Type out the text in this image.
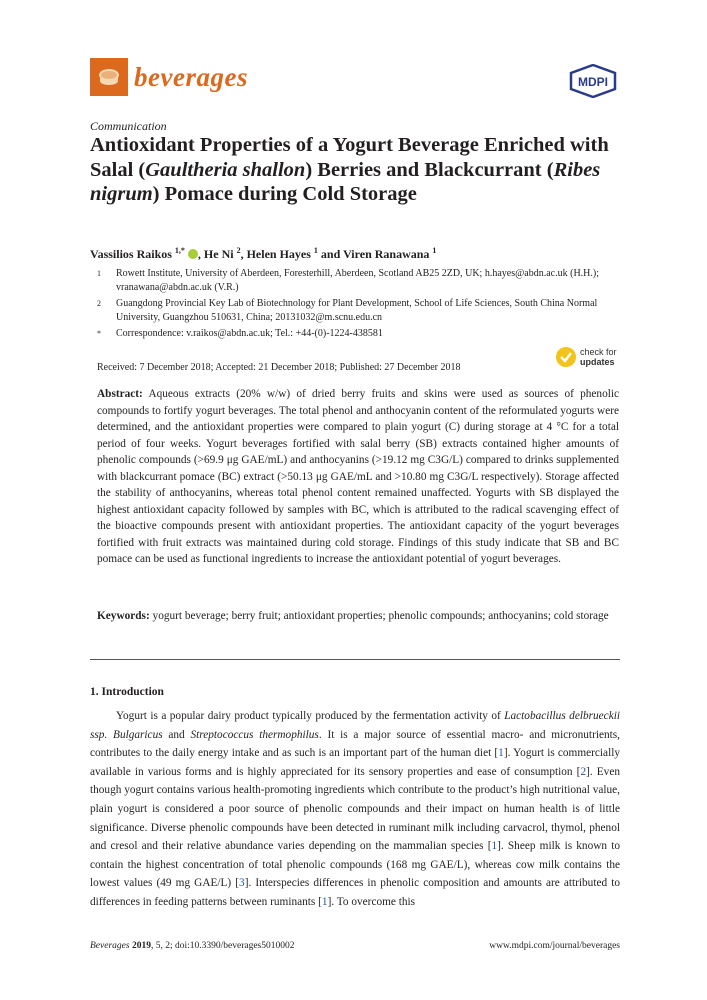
beverages	MDPI
Communication
Antioxidant Properties of a Yogurt Beverage Enriched with Salal (Gaultheria shallon) Berries and Blackcurrant (Ribes nigrum) Pomace during Cold Storage
Vassilios Raikos $^{1,*}$ , He Ni $^2$, Helen Hayes $^1$ and Viren Ranawana $^1$
1	Rowett Institute, University of Aberdeen, Foresterhill, Aberdeen, Scotland AB25 2ZD, UK; h.hayes@abdn.ac.uk (H.H.); vranawana@abdn.ac.uk (V.R.)
2	Guangdong Provincial Key Lab of Biotechnology for Plant Development, School of Life Sciences, South China Normal University, Guangzhou 510631, China; 20131032@m.scnu.edu.cn
*	Correspondence: v.raikos@abdn.ac.uk; Tel.: +44-(0)-1224-438581
Received: 7 December 2018; Accepted: 21 December 2018; Published: 27 December 2018
check for
updates

Abstract: Aqueous extracts (20% w/w) of dried berry fruits and skins were used as sources of phenolic compounds to fortify yogurt beverages. The total phenol and anthocyanin content of the reformulated yogurts were determined, and the antioxidant properties were compared to plain yogurt (C) during storage at 4 °C for a total period of four weeks. Yogurt beverages fortified with salal berry (SB) extracts contained higher amounts of phenolic compounds (>69.9 μg GAE/mL) and anthocyanins (>19.12 mg C3G/L) compared to drinks supplemented with blackcurrant pomace (BC) extract (>50.13 μg GAE/mL and >10.80 mg C3G/L respectively). Storage affected the stability of anthocyanins, whereas total phenol content remained unaffected. Yogurts with SB displayed the highest antioxidant capacity followed by samples with BC, which is attributed to the radical scavenging effect of the bioactive compounds present with antioxidant properties. The antioxidant capacity of the yogurt beverages fortified with fruit extracts was maintained during cold storage. Findings of this study indicate that SB and BC pomace can be used as functional ingredients to increase the antioxidant potential of yogurt beverages.

Keywords: yogurt beverage; berry fruit; antioxidant properties; phenolic compounds; anthocyanins; cold storage

1. Introduction

Yogurt is a popular dairy product typically produced by the fermentation activity of Lactobacillus delbrueckii ssp. Bulgaricus and Streptococcus thermophilus. It is a major source of essential macro- and micronutrients, contributes to the daily energy intake and as such is an important part of the human diet [1]. Yogurt is commercially available in various forms and is highly appreciated for its sensory properties and ease of consumption [2]. Even though yogurt contains various health-promoting ingredients which contribute to the product’s high nutritional value, plain yogurt is considered a poor source of phenolic compounds and their impact on human health is of little significance. Diverse phenolic compounds have been detected in ruminant milk including carvacrol, thymol, phenol and cresol and their relative abundance varies depending on the mammalian species [1]. Sheep milk is known to contain the highest concentration of total phenolic compounds (168 mg GAE/L), whereas cow milk contains the lowest values (49 mg GAE/L) [3]. Interspecies differences in phenolic composition and amounts are attributed to differences in feeding patterns between ruminants [1]. To overcome this

Beverages 2019, 5, 2; doi:10.3390/beverages5010002	www.mdpi.com/journal/beverages
